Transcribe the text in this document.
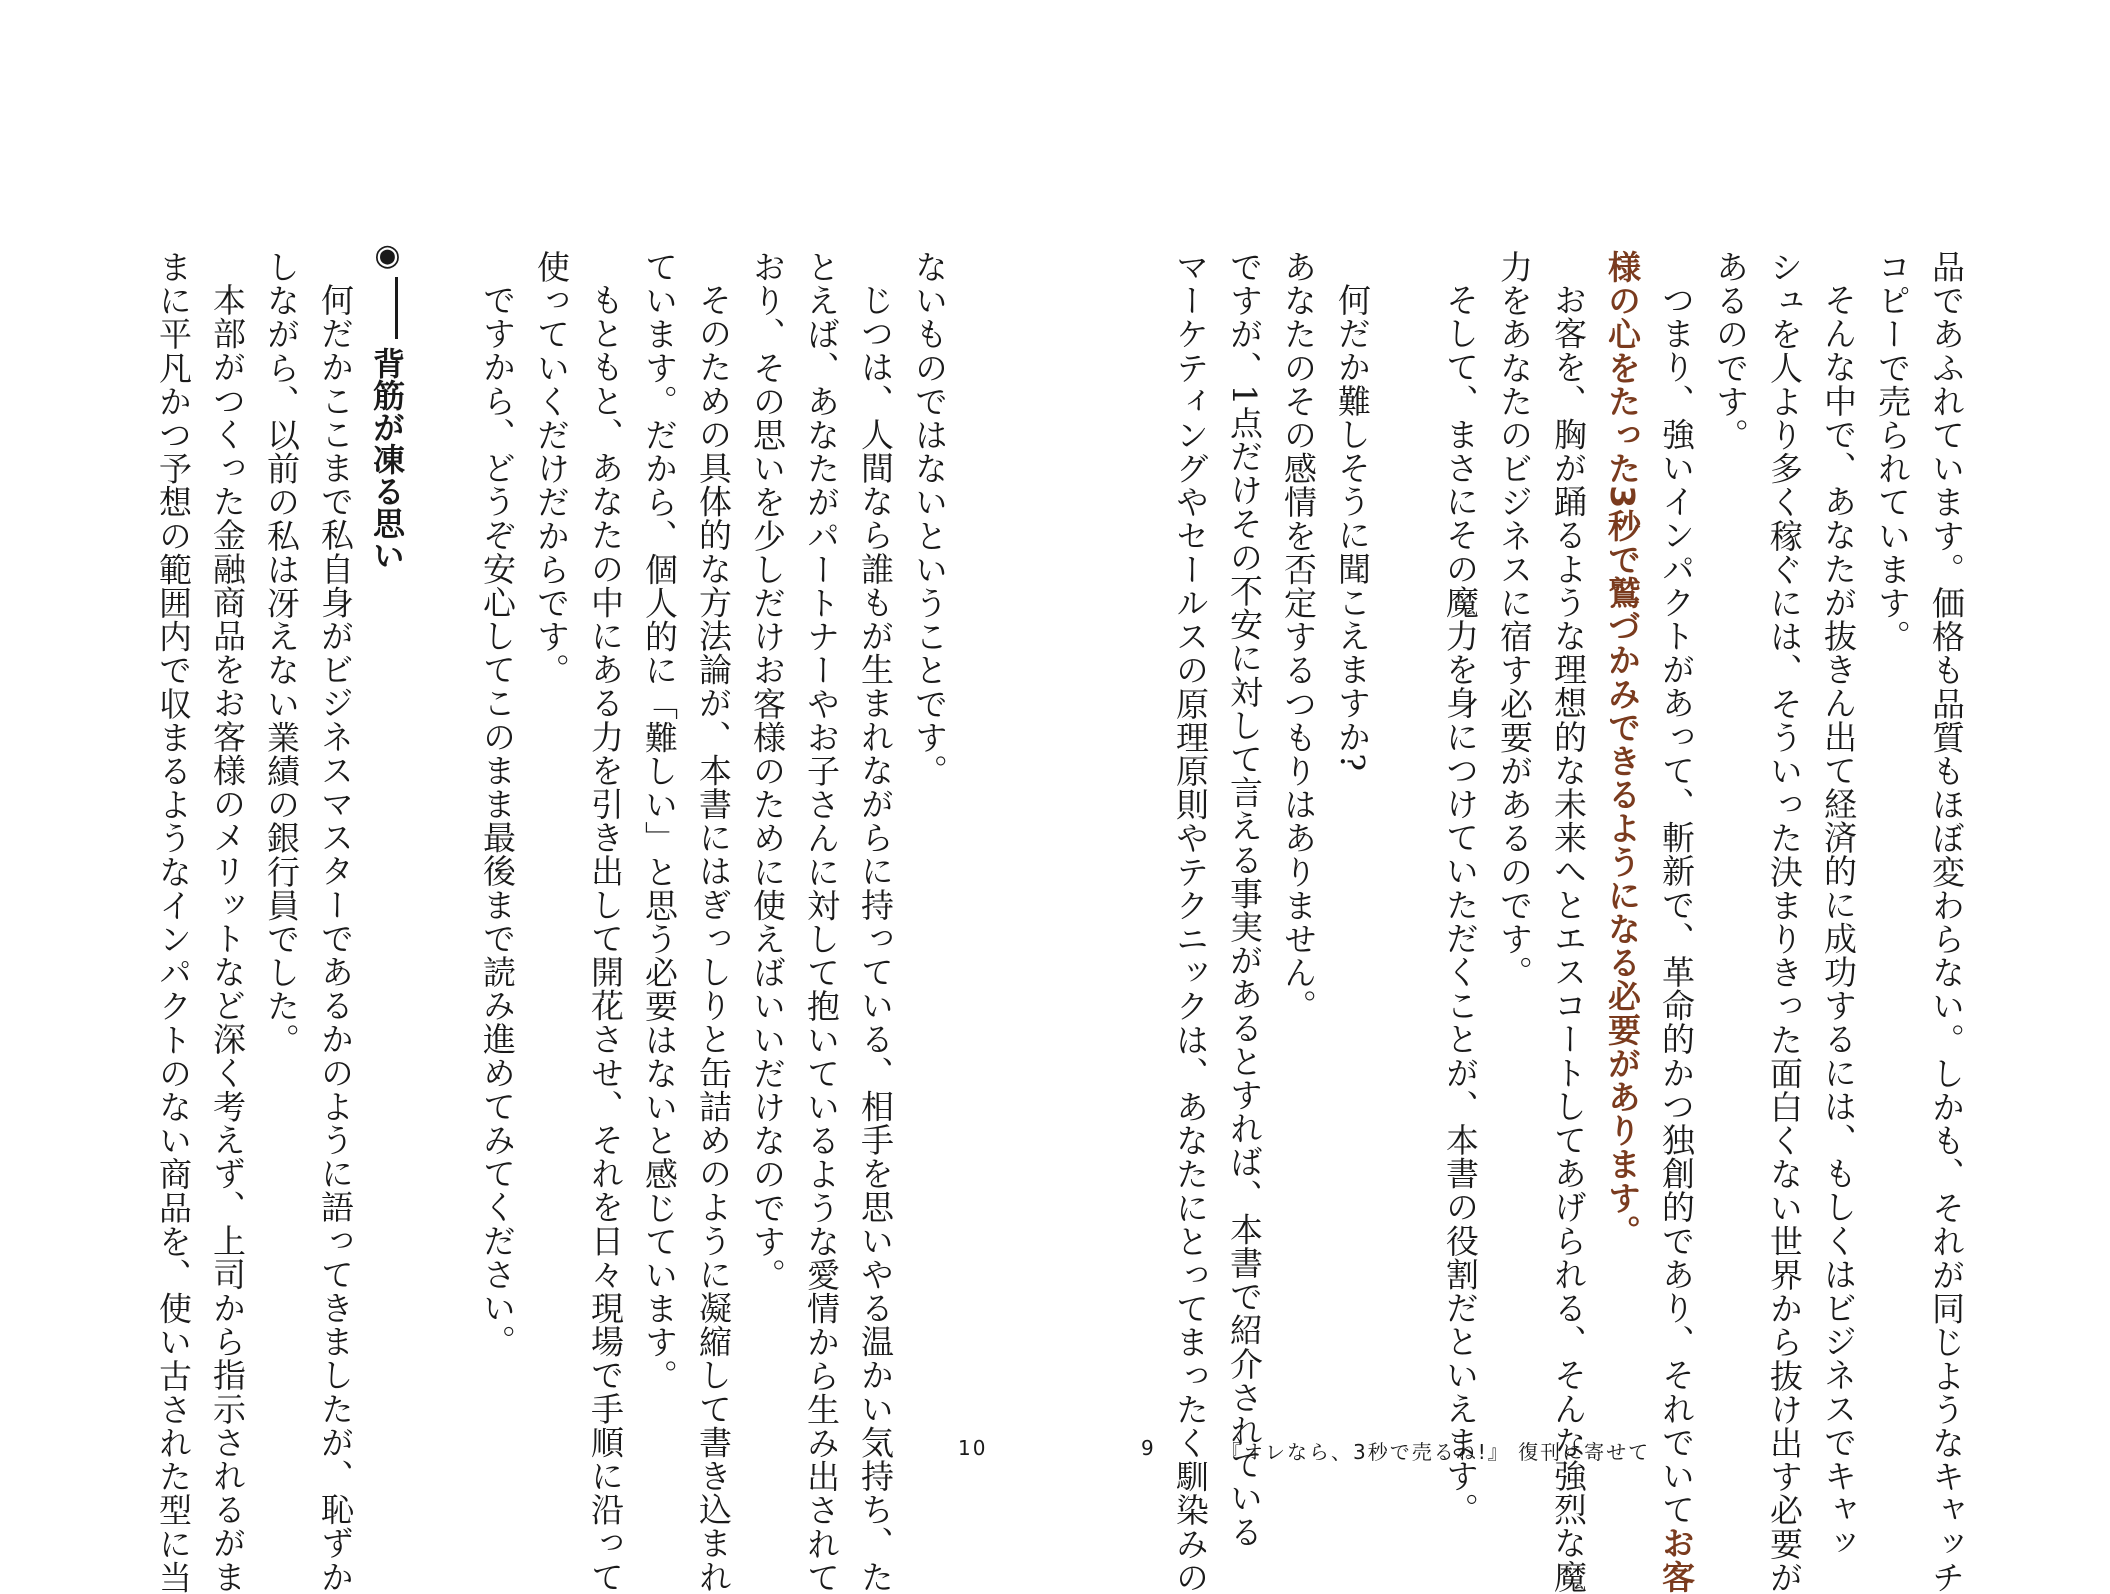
品であふれています。価格も品質もほぼ変わらない。しかも、それが同じようなキャッチ
コピーで売られています。
そんな中で、あなたが抜きん出て経済的に成功するには、もしくはビジネスでキャッ
シュを人より多く稼ぐには、そういった決まりきった面白くない世界から抜け出す必要が
あるのです。
つまり、強いインパクトがあって、斬新で、革命的かつ独創的であり、それでいてお客
様の心をたった3秒で鷲づかみできるようになる必要があります。
お客を、胸が踊るような理想的な未来へとエスコートしてあげられる、そんな強烈な魔
力をあなたのビジネスに宿す必要があるのです。
そして、まさにその魔力を身につけていただくことが、本書の役割だといえます。
何だか難しそうに聞こえますか?
あなたのその感情を否定するつもりはありません。
ですが、1点だけその不安に対して言える事実があるとすれば、本書で紹介されている
マーケティングやセールスの原理原則やテクニックは、あなたにとってまったく馴染みの
ないものではないということです。
じつは、人間なら誰もが生まれながらに持っている、相手を思いやる温かい気持ち、た
とえば、あなたがパートナーやお子さんに対して抱いているような愛情から生み出されて
おり、その思いを少しだけお客様のために使えばいいだけなのです。
そのための具体的な方法論が、本書にはぎっしりと缶詰めのように凝縮して書き込まれ
ています。だから、個人的に「難しい」と思う必要はないと感じています。
もともと、あなたの中にある力を引き出して開花させ、それを日々現場で手順に沿って
使っていくだけだからです。
ですから、どうぞ安心してこのまま最後まで読み進めてみてください。
◉背筋が凍る思い
何だかここまで私自身がビジネスマスターであるかのように語ってきましたが、恥ずか
しながら、以前の私は冴えない業績の銀行員でした。
本部がつくった金融商品をお客様のメリットなど深く考えず、上司から指示されるがま
まに平凡かつ予想の範囲内で収まるようなインパクトのない商品を、使い古された型に当	10	9	『オレなら、3秒で売るね!』 復刊に寄せて
